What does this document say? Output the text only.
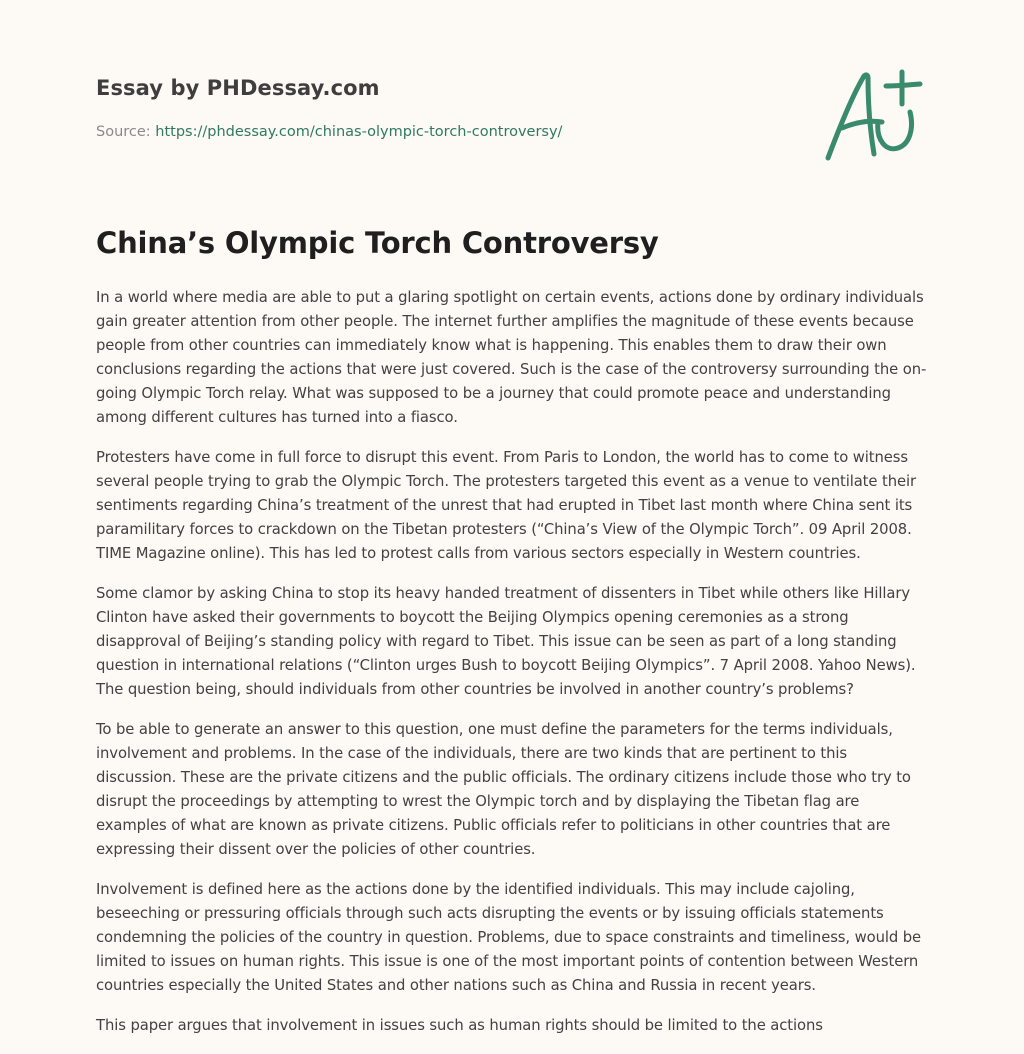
Essay by PHDessay.com
Source: https://phdessay.com/chinas-olympic-torch-controversy/
China’s Olympic Torch Controversy

In a world where media are able to put a glaring spotlight on certain events, actions done by ordinary individuals gain greater attention from other people. The internet further amplifies the magnitude of these events because people from other countries can immediately know what is happening. This enables them to draw their own conclusions regarding the actions that were just covered. Such is the case of the controversy surrounding the on-going Olympic Torch relay. What was supposed to be a journey that could promote peace and understanding among different cultures has turned into a fiasco.

Protesters have come in full force to disrupt this event. From Paris to London, the world has to come to witness several people trying to grab the Olympic Torch. The protesters targeted this event as a venue to ventilate their sentiments regarding China’s treatment of the unrest that had erupted in Tibet last month where China sent its paramilitary forces to crackdown on the Tibetan protesters (“China’s View of the Olympic Torch”. 09 April 2008. TIME Magazine online). This has led to protest calls from various sectors especially in Western countries.

Some clamor by asking China to stop its heavy handed treatment of dissenters in Tibet while others like Hillary Clinton have asked their governments to boycott the Beijing Olympics opening ceremonies as a strong disapproval of Beijing’s standing policy with regard to Tibet. This issue can be seen as part of a long standing question in international relations (“Clinton urges Bush to boycott Beijing Olympics”. 7 April 2008. Yahoo News). The question being, should individuals from other countries be involved in another country’s problems?

To be able to generate an answer to this question, one must define the parameters for the terms individuals, involvement and problems. In the case of the individuals, there are two kinds that are pertinent to this discussion. These are the private citizens and the public officials. The ordinary citizens include those who try to disrupt the proceedings by attempting to wrest the Olympic torch and by displaying the Tibetan flag are examples of what are known as private citizens. Public officials refer to politicians in other countries that are expressing their dissent over the policies of other countries.

Involvement is defined here as the actions done by the identified individuals. This may include cajoling, beseeching or pressuring officials through such acts disrupting the events or by issuing officials statements condemning the policies of the country in question. Problems, due to space constraints and timeliness, would be limited to issues on human rights. This issue is one of the most important points of contention between Western countries especially the United States and other nations such as China and Russia in recent years.

This paper argues that involvement in issues such as human rights should be limited to the actions
